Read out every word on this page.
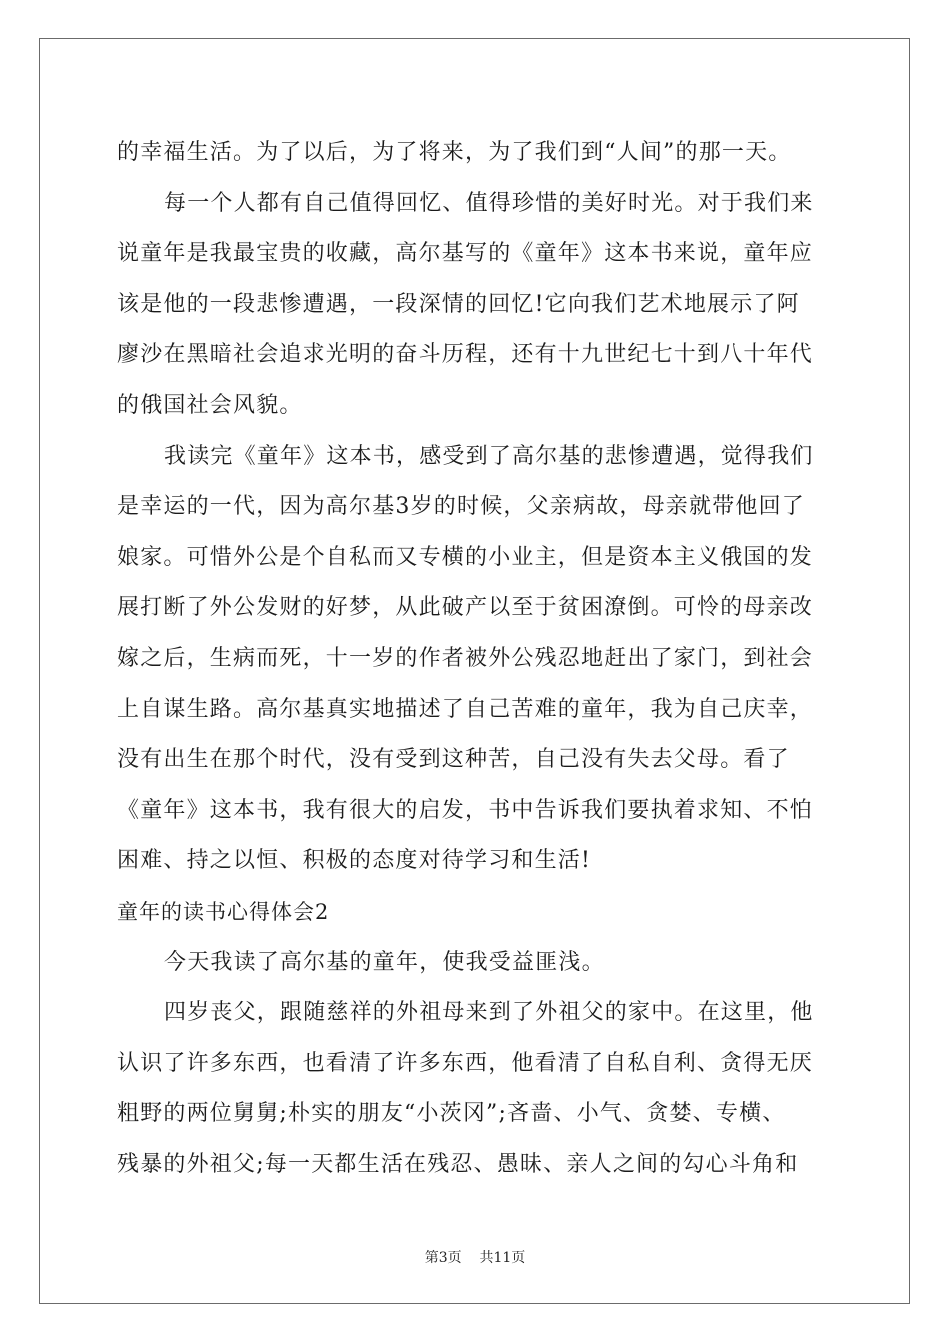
的幸福生活。为了以后，为了将来，为了我们到“人间”的那一天。
每一个人都有自己值得回忆、值得珍惜的美好时光。对于我们来
说童年是我最宝贵的收藏，高尔基写的《童年》这本书来说，童年应
该是他的一段悲惨遭遇，一段深情的回忆!它向我们艺术地展示了阿
廖沙在黑暗社会追求光明的奋斗历程，还有十九世纪七十到八十年代
的俄国社会风貌。
我读完《童年》这本书，感受到了高尔基的悲惨遭遇，觉得我们
是幸运的一代，因为高尔基3岁的时候，父亲病故，母亲就带他回了
娘家。可惜外公是个自私而又专横的小业主，但是资本主义俄国的发
展打断了外公发财的好梦，从此破产以至于贫困潦倒。可怜的母亲改
嫁之后，生病而死，十一岁的作者被外公残忍地赶出了家门，到社会
上自谋生路。高尔基真实地描述了自己苦难的童年，我为自己庆幸，
没有出生在那个时代，没有受到这种苦，自己没有失去父母。看了
《童年》这本书，我有很大的启发，书中告诉我们要执着求知、不怕
困难、持之以恒、积极的态度对待学习和生活!
童年的读书心得体会2
今天我读了高尔基的童年，使我受益匪浅。
四岁丧父，跟随慈祥的外祖母来到了外祖父的家中。在这里，他
认识了许多东西，也看清了许多东西，他看清了自私自利、贪得无厌
粗野的两位舅舅;朴实的朋友“小茨冈”;吝啬、小气、贪婪、专横、
残暴的外祖父;每一天都生活在残忍、愚昧、亲人之间的勾心斗角和
第3页 共11页
